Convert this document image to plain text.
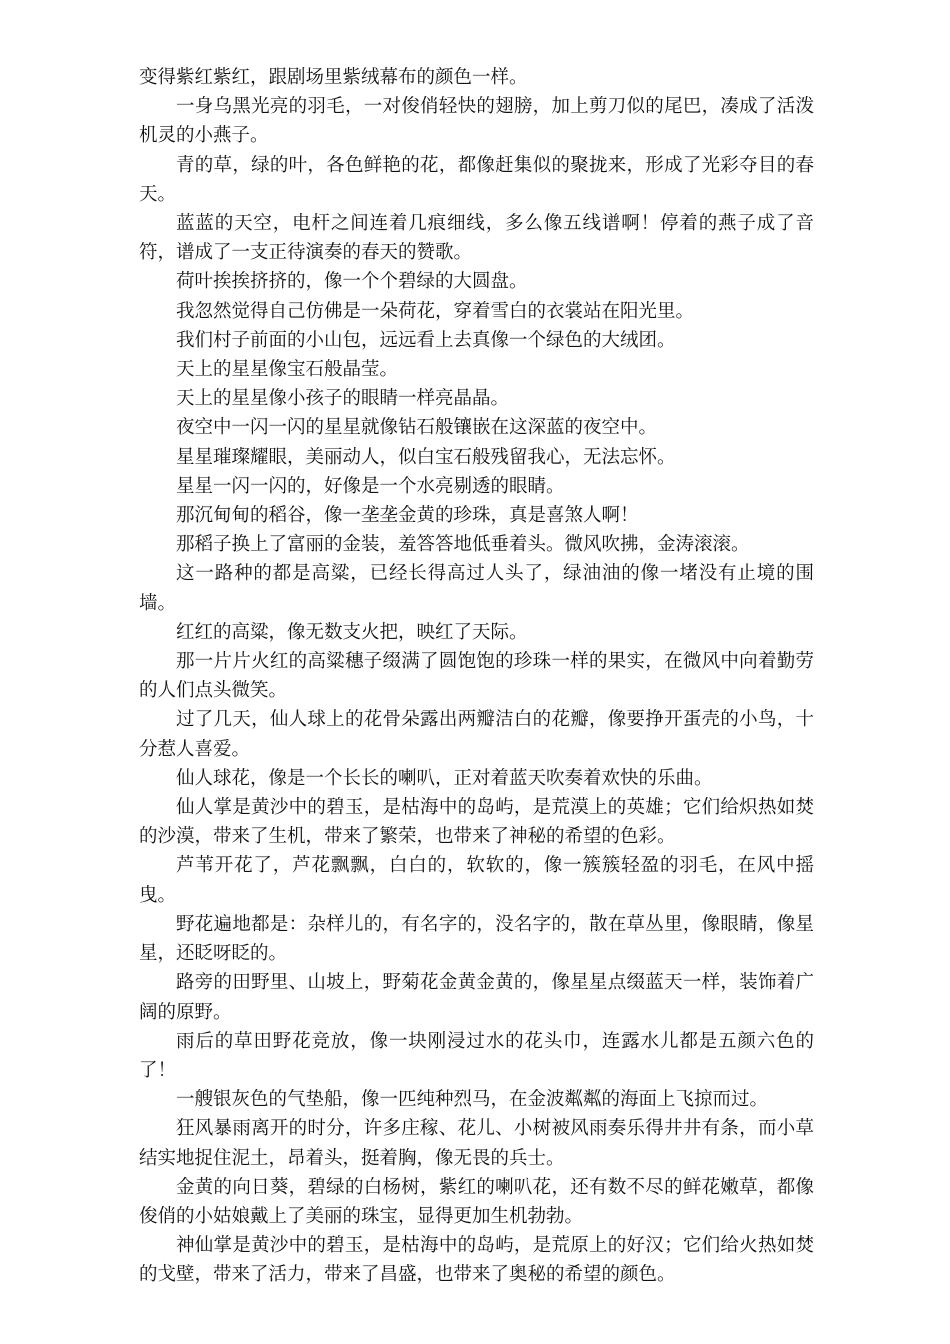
变得紫红紫红，跟剧场里紫绒幕布的颜色一样。

一身乌黑光亮的羽毛，一对俊俏轻快的翅膀，加上剪刀似的尾巴，凑成了活泼机灵的小燕子。

青的草，绿的叶，各色鲜艳的花，都像赶集似的聚拢来，形成了光彩夺目的春天。

蓝蓝的天空，电杆之间连着几痕细线，多么像五线谱啊！停着的燕子成了音符，谱成了一支正待演奏的春天的赞歌。

荷叶挨挨挤挤的，像一个个碧绿的大圆盘。

我忽然觉得自己仿佛是一朵荷花，穿着雪白的衣裳站在阳光里。

我们村子前面的小山包，远远看上去真像一个绿色的大绒团。

天上的星星像宝石般晶莹。

天上的星星像小孩子的眼睛一样亮晶晶。

夜空中一闪一闪的星星就像钻石般镶嵌在这深蓝的夜空中。

星星璀璨耀眼，美丽动人，似白宝石般残留我心，无法忘怀。

星星一闪一闪的，好像是一个水亮剔透的眼睛。

那沉甸甸的稻谷，像一垄垄金黄的珍珠，真是喜煞人啊！

那稻子换上了富丽的金装，羞答答地低垂着头。微风吹拂，金涛滚滚。

这一路种的都是高粱，已经长得高过人头了，绿油油的像一堵没有止境的围墙。

红红的高粱，像无数支火把，映红了天际。

那一片片火红的高粱穗子缀满了圆饱饱的珍珠一样的果实，在微风中向着勤劳的人们点头微笑。

过了几天，仙人球上的花骨朵露出两瓣洁白的花瓣，像要挣开蛋壳的小鸟，十分惹人喜爱。

仙人球花，像是一个长长的喇叭，正对着蓝天吹奏着欢快的乐曲。

仙人掌是黄沙中的碧玉，是枯海中的岛屿，是荒漠上的英雄；它们给炽热如焚的沙漠，带来了生机，带来了繁荣，也带来了神秘的希望的色彩。

芦苇开花了，芦花飘飘，白白的，软软的，像一簇簇轻盈的羽毛，在风中摇曳。

野花遍地都是：杂样儿的，有名字的，没名字的，散在草丛里，像眼睛，像星星，还眨呀眨的。

路旁的田野里、山坡上，野菊花金黄金黄的，像星星点缀蓝天一样，装饰着广阔的原野。

雨后的草田野花竞放，像一块刚浸过水的花头巾，连露水儿都是五颜六色的了！

一艘银灰色的气垫船，像一匹纯种烈马，在金波粼粼的海面上飞掠而过。

狂风暴雨离开的时分，许多庄稼、花儿、小树被风雨奏乐得井井有条，而小草结实地捉住泥土，昂着头，挺着胸，像无畏的兵士。

金黄的向日葵，碧绿的白杨树，紫红的喇叭花，还有数不尽的鲜花嫩草，都像俊俏的小姑娘戴上了美丽的珠宝，显得更加生机勃勃。

神仙掌是黄沙中的碧玉，是枯海中的岛屿，是荒原上的好汉；它们给火热如焚的戈壁，带来了活力，带来了昌盛，也带来了奥秘的希望的颜色。
